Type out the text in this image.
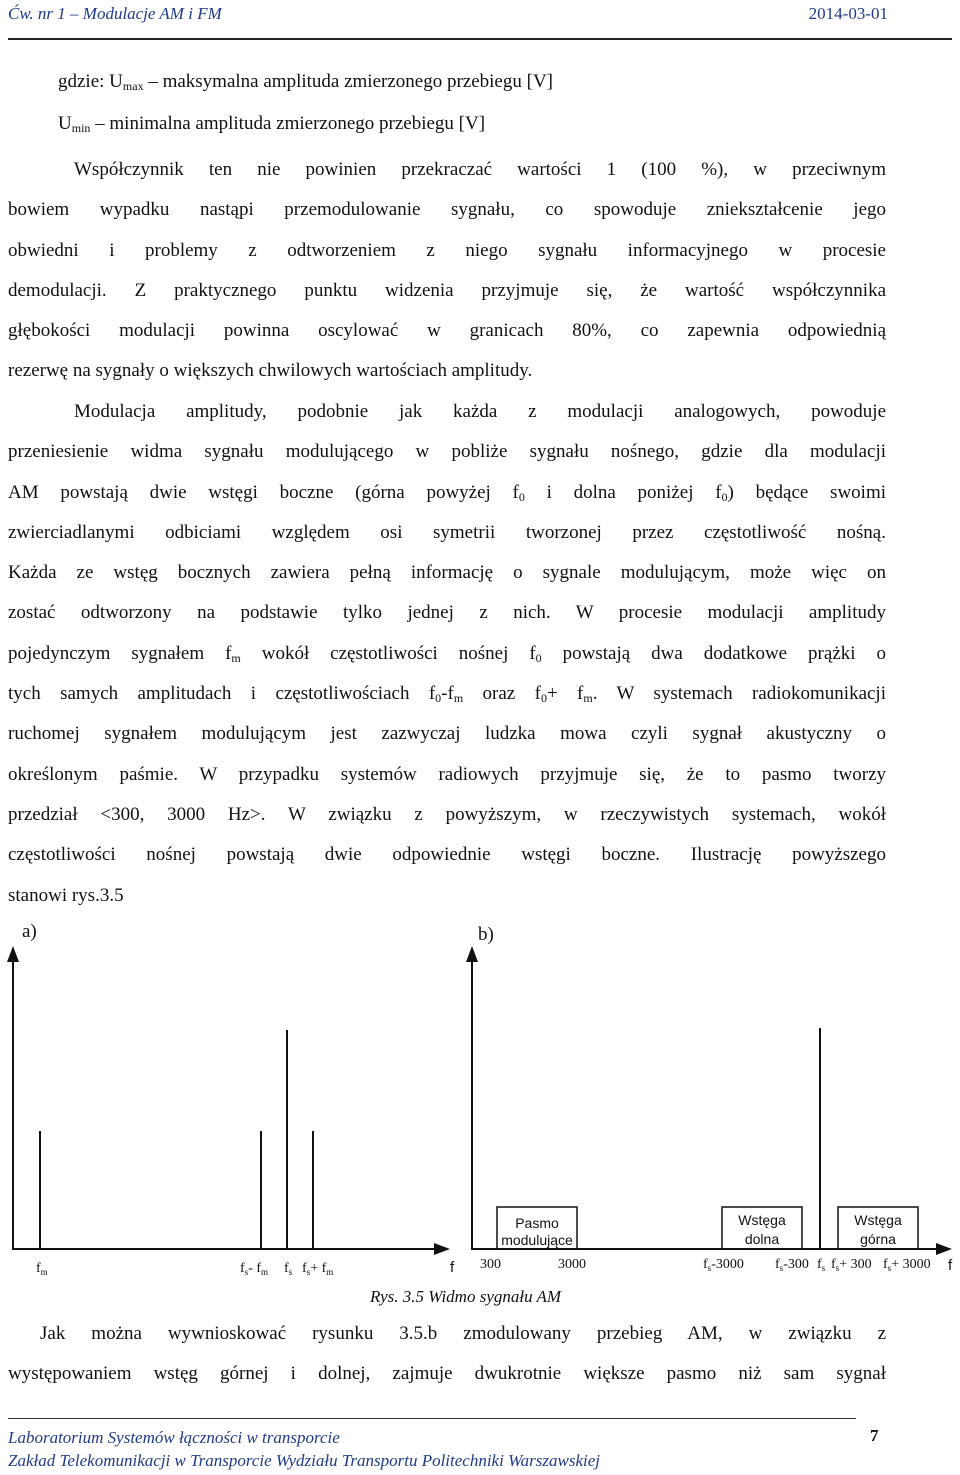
Ćw. nr 1 – Modulacje AM i FM	2014-03-01
gdzie: $U_{max}$ – maksymalna amplituda zmierzonego przebiegu [V]
$U_{min}$ – minimalna amplituda zmierzonego przebiegu [V]

Współczynnik ten nie powinien przekraczać wartości 1 (100 %), w przeciwnym

bowiem wypadku nastąpi przemodulowanie sygnału, co spowoduje zniekształcenie jego

obwiedni i problemy z odtworzeniem z niego sygnału informacyjnego w procesie

demodulacji. Z praktycznego punktu widzenia przyjmuje się, że wartość współczynnika

głębokości modulacji powinna oscylować w granicach 80%, co zapewnia odpowiednią

rezerwę na sygnały o większych chwilowych wartościach amplitudy.

Modulacja amplitudy, podobnie jak każda z modulacji analogowych, powoduje

przeniesienie widma sygnału modulującego w pobliże sygnału nośnego, gdzie dla modulacji

AM powstają dwie wstęgi boczne (górna powyżej $f_0$ i dolna poniżej $f_0$) będące swoimi

zwierciadlanymi odbiciami względem osi symetrii tworzonej przez częstotliwość nośną.

Każda ze wstęg bocznych zawiera pełną informację o sygnale modulującym, może więc on

zostać odtworzony na podstawie tylko jednej z nich. W procesie modulacji amplitudy

pojedynczym sygnałem $f_m$ wokół częstotliwości nośnej $f_0$ powstają dwa dodatkowe prążki o

tych samych amplitudach i częstotliwościach $f_0-f_m$ oraz $f_0+ f_m$. W systemach radiokomunikacji

ruchomej sygnałem modulującym jest zazwyczaj ludzka mowa czyli sygnał akustyczny o

określonym paśmie. W przypadku systemów radiowych przyjmuje się, że to pasmo tworzy

przedział <300, 3000 Hz>. W związku z powyższym, w rzeczywistych systemach, wokół

częstotliwości nośnej powstają dwie odpowiednie wstęgi boczne. Ilustrację powyższego

stanowi rys.3.5

a)	b)
$f_m$	$f_s-$ $f_m$ $f_s$ $f_s+ f_m$	f
Pasmo
modulujące
Wstęga
dolna
Wstęga
górna
300	3000	$f_s-3000$ $f_s-300$ $f_s$ $f_s+ 300$ $f_s+ 3000$ f
Rys. 3.5 Widmo sygnału AM

Jak można wywnioskować rysunku 3.5.b zmodulowany przebieg AM, w związku z

występowaniem wstęg górnej i dolnej, zajmuje dwukrotnie większe pasmo niż sam sygnał

Laboratorium Systemów łączności w transporcie
Zakład Telekomunikacji w Transporcie Wydziału Transportu Politechniki Warszawskiej
7
